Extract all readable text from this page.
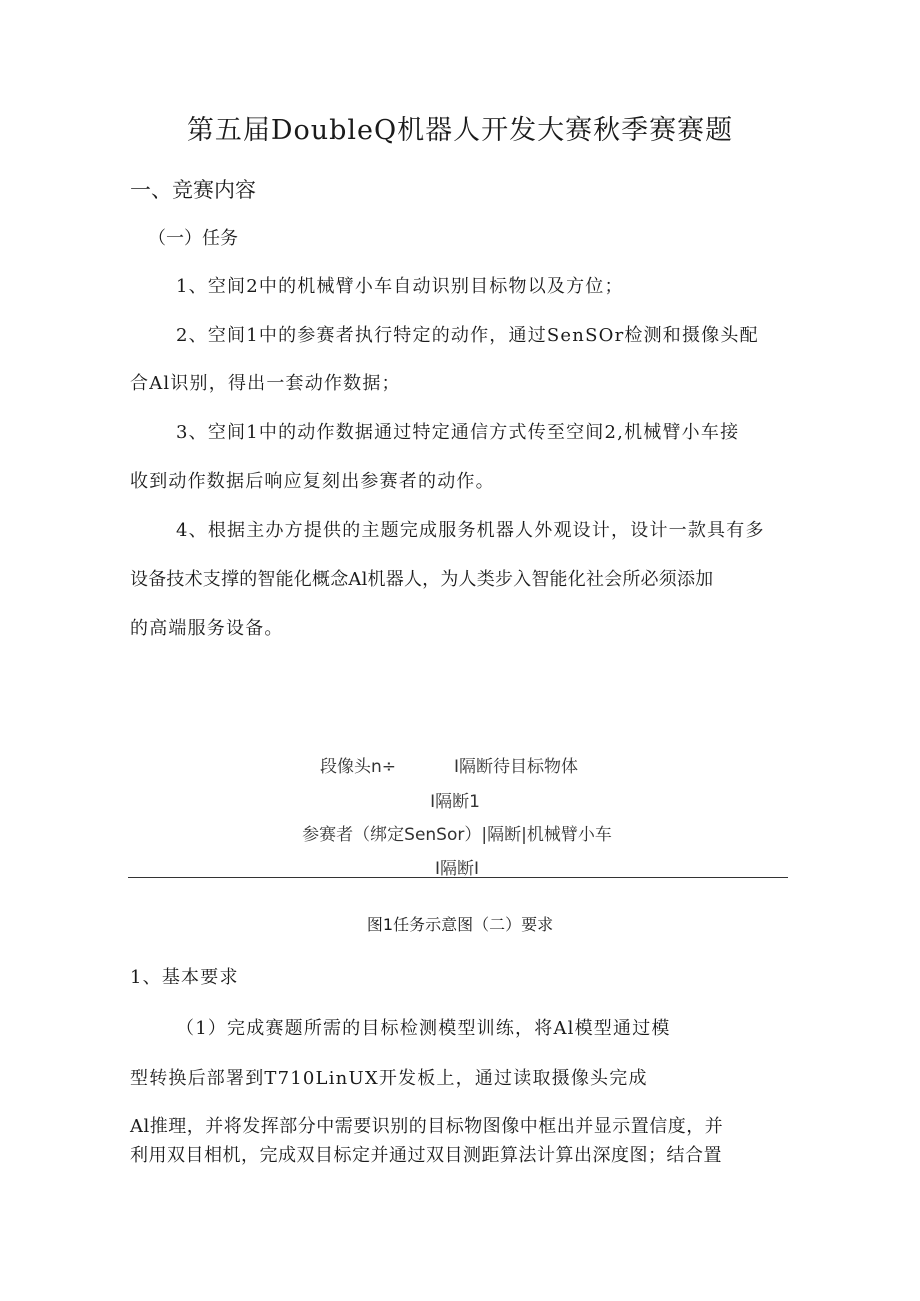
第五届DoubleQ机器人开发大赛秋季赛赛题
一、竞赛内容
（一）任务
1、空间2中的机械臂小车自动识别目标物以及方位；
2、空间1中的参赛者执行特定的动作，通过SenSOr检测和摄像头配
合Al识别，得出一套动作数据；
3、空间1中的动作数据通过特定通信方式传至空间2,机械臂小车接
收到动作数据后响应复刻出参赛者的动作。
4、根据主办方提供的主题完成服务机器人外观设计，设计一款具有多
设备技术支撑的智能化概念Al机器人，为人类步入智能化社会所必须添加
的高端服务设备。
段像头n÷	I隔断待目标物体
I隔断1
参赛者（绑定SenSor）|隔断|机械臂小车
I隔断I
图1任务示意图（二）要求
1、基本要求
（1）完成赛题所需的目标检测模型训练，将Al模型通过模
型转换后部署到T710LinUX开发板上，通过读取摄像头完成
Al推理，并将发挥部分中需要识别的目标物图像中框出并显示置信度，并
利用双目相机，完成双目标定并通过双目测距算法计算出深度图；结合置
